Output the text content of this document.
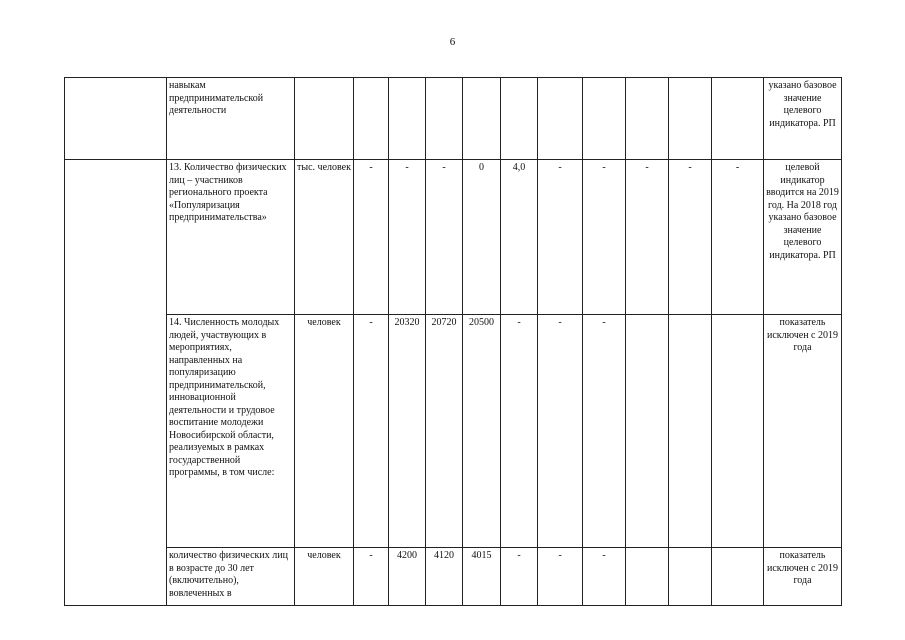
6
	навыкам предпринимательской деятельности												указано базовое значение целевого индикатора. РП
	13. Количество физических лиц – участников регионального проекта «Популяризация предпринимательства»	тыс. человек	-	-	-	0	4,0	-	-	-	-	-	целевой индикатор вводится на 2019 год. На 2018 год указано базовое значение целевого индикатора. РП
	14. Численность молодых людей, участвующих в мероприятиях, направленных на популяризацию предпринимательской, инновационной деятельности и трудовое воспитание молодежи Новосибирской области, реализуемых в рамках государственной программы, в том числе:	человек	-	20320	20720	20500	-	-	-				показатель исключен с 2019 года
	количество физических лиц в возрасте до 30 лет (включительно), вовлеченных в	человек	-	4200	4120	4015	-	-	-				показатель исключен с 2019 года
